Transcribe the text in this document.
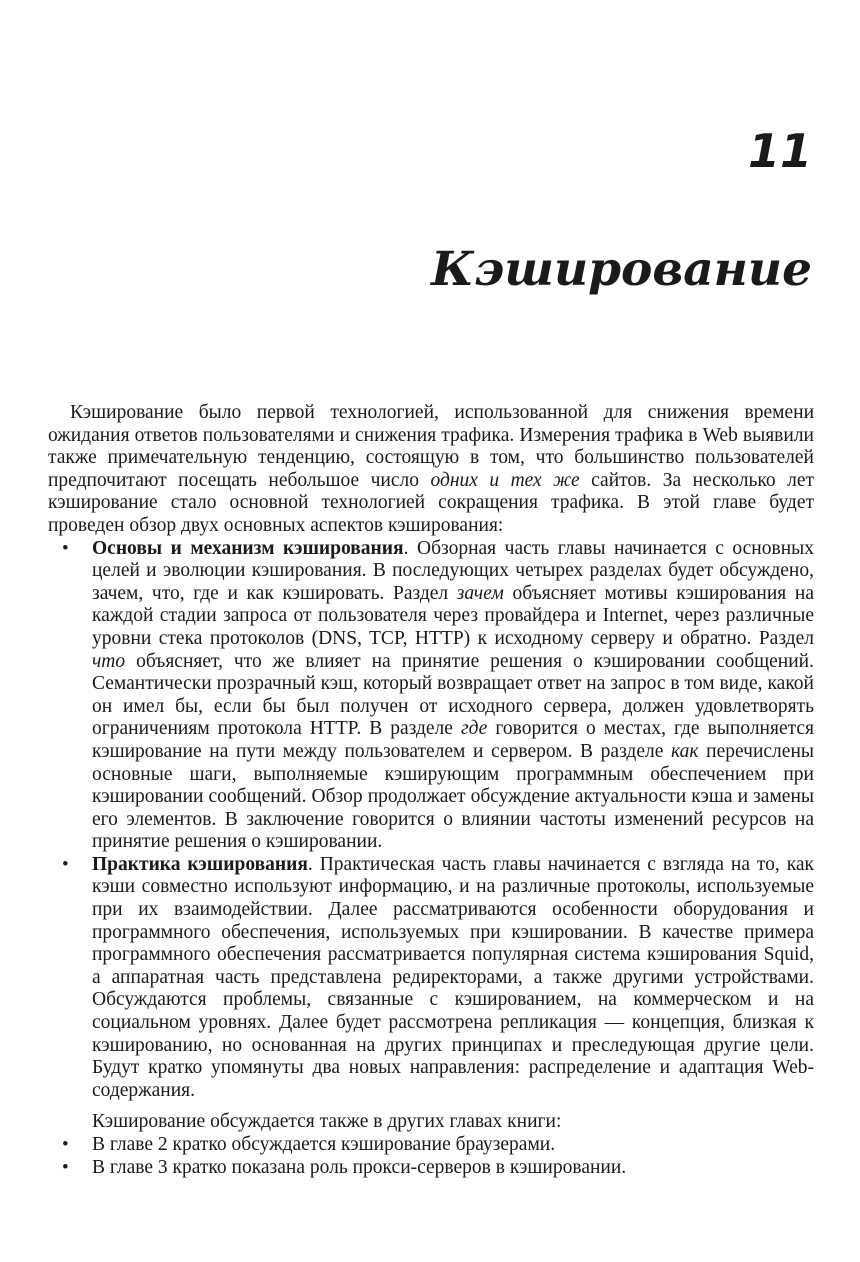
11
Кэширование

Кэширование было первой технологией, использованной для снижения времени ожидания ответов пользователями и снижения трафика. Измерения трафика в Web выявили также примечательную тенденцию, состоящую в том, что большинство пользователей предпочитают посещать небольшое число одних и тех же сайтов. За несколько лет кэширование стало основной технологией сокращения трафика. В этой главе будет проведен обзор двух основных аспектов кэширования:

• Основы и механизм кэширования. Обзорная часть главы начинается с основных целей и эволюции кэширования. В последующих четырех разделах будет обсуждено, зачем, что, где и как кэшировать. Раздел зачем объясняет мотивы кэширования на каждой стадии запроса от пользователя через провайдера и Internet, через различные уровни стека протоколов (DNS, TCP, HTTP) к исходному серверу и обратно. Раздел что объясняет, что же влияет на принятие решения о кэшировании сообщений. Семантически прозрачный кэш, который возвращает ответ на запрос в том виде, какой он имел бы, если бы был получен от исходного сервера, должен удовлетворять ограничениям протокола HTTP. В разделе где говорится о местах, где выполняется кэширование на пути между пользователем и сервером. В разделе как перечислены основные шаги, выполняемые кэширующим программным обеспечением при кэшировании сообщений. Обзор продолжает обсуждение актуальности кэша и замены его элементов. В заключение говорится о влиянии частоты изменений ресурсов на принятие решения о кэшировании.

• Практика кэширования. Практическая часть главы начинается с взгляда на то, как кэши совместно используют информацию, и на различные протоколы, используемые при их взаимодействии. Далее рассматриваются особенности оборудования и программного обеспечения, используемых при кэшировании. В качестве примера программного обеспечения рассматривается популярная система кэширования Squid, а аппаратная часть представлена редиректорами, а также другими устройствами. Обсуждаются проблемы, связанные с кэшированием, на коммерческом и на социальном уровнях. Далее будет рассмотрена репликация — концепция, близкая к кэшированию, но основанная на других принципах и преследующая другие цели. Будут кратко упомянуты два новых направления: распределение и адаптация Web-содержания.

Кэширование обсуждается также в других главах книги:

• В главе 2 кратко обсуждается кэширование браузерами.

• В главе 3 кратко показана роль прокси-серверов в кэшировании.
